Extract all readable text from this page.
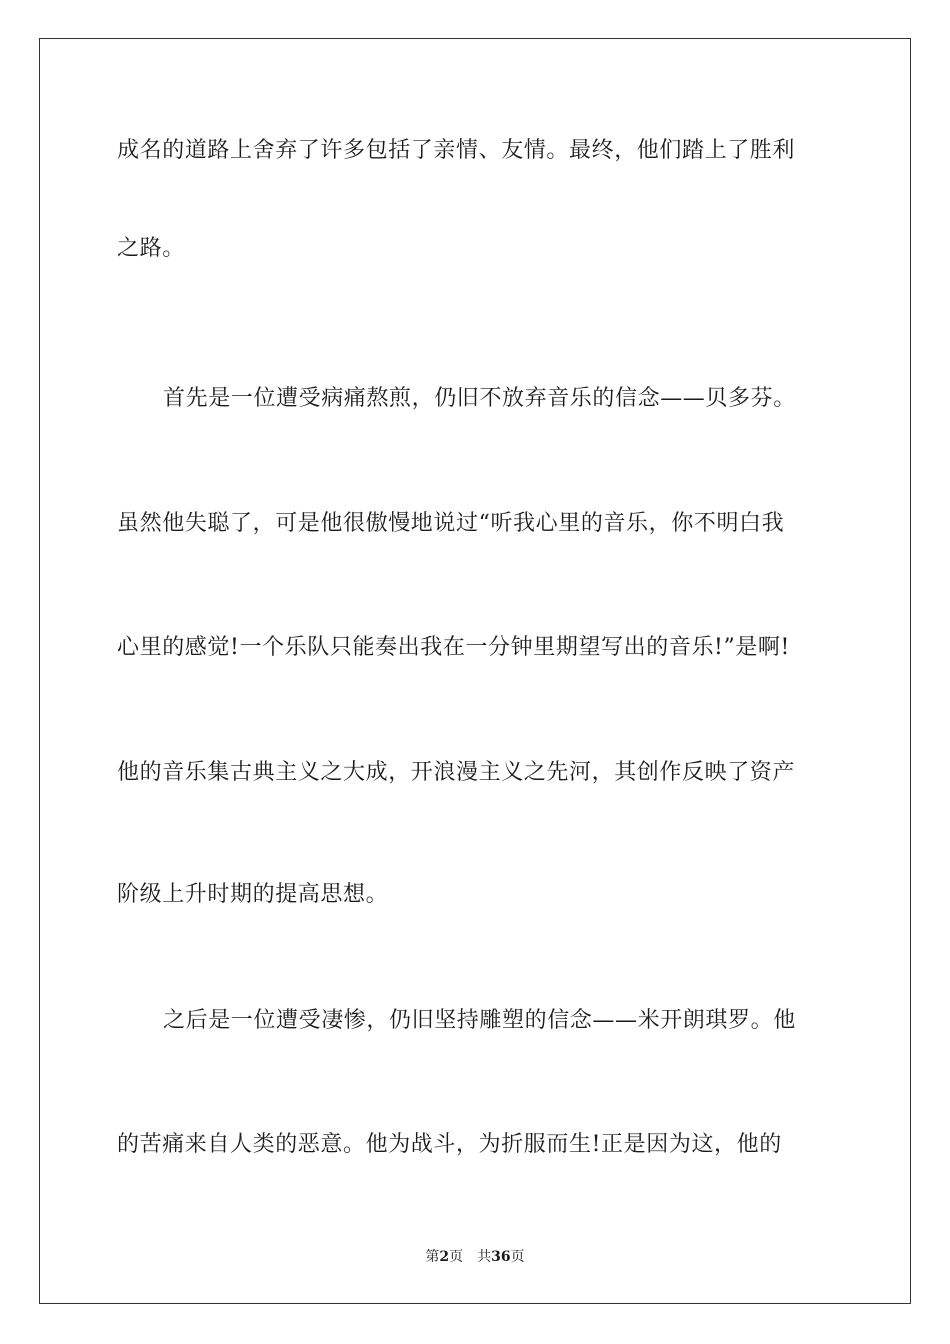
成名的道路上舍弃了许多包括了亲情、友情。最终，他们踏上了胜利
之路。
首先是一位遭受病痛熬煎，仍旧不放弃音乐的信念——贝多芬。
虽然他失聪了，可是他很傲慢地说过“听我心里的音乐，你不明白我
心里的感觉!一个乐队只能奏出我在一分钟里期望写出的音乐!”是啊!
他的音乐集古典主义之大成，开浪漫主义之先河，其创作反映了资产
阶级上升时期的提高思想。
之后是一位遭受凄惨，仍旧坚持雕塑的信念——米开朗琪罗。他
的苦痛来自人类的恶意。他为战斗，为折服而生!正是因为这，他的
第2页 共36页
